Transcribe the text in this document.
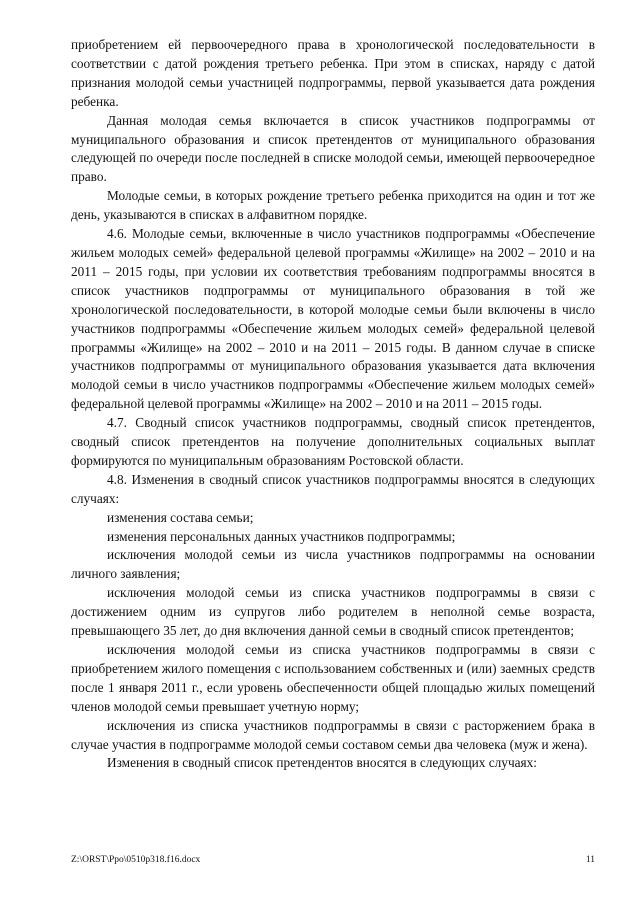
приобретением ей первоочередного права в хронологической последовательности в соответствии с датой рождения третьего ребенка. При этом в списках, наряду с датой признания молодой семьи участницей подпрограммы, первой указывается дата рождения ребенка.

Данная молодая семья включается в список участников подпрограммы от муниципального образования и список претендентов от муниципального образования следующей по очереди после последней в списке молодой семьи, имеющей первоочередное право.

Молодые семьи, в которых рождение третьего ребенка приходится на один и тот же день, указываются в списках в алфавитном порядке.

4.6. Молодые семьи, включенные в число участников подпрограммы «Обеспечение жильем молодых семей» федеральной целевой программы «Жилище» на 2002 – 2010 и на 2011 – 2015 годы, при условии их соответствия требованиям подпрограммы вносятся в список участников подпрограммы от муниципального образования в той же хронологической последовательности, в которой молодые семьи были включены в число участников подпрограммы «Обеспечение жильем молодых семей» федеральной целевой программы «Жилище» на 2002 – 2010 и на 2011 – 2015 годы. В данном случае в списке участников подпрограммы от муниципального образования указывается дата включения молодой семьи в число участников подпрограммы «Обеспечение жильем молодых семей» федеральной целевой программы «Жилище» на 2002 – 2010 и на 2011 – 2015 годы.

4.7. Сводный список участников подпрограммы, сводный список претендентов, сводный список претендентов на получение дополнительных социальных выплат формируются по муниципальным образованиям Ростовской области.

4.8. Изменения в сводный список участников подпрограммы вносятся в следующих случаях:

изменения состава семьи;

изменения персональных данных участников подпрограммы;

исключения молодой семьи из числа участников подпрограммы на основании личного заявления;

исключения молодой семьи из списка участников подпрограммы в связи с достижением одним из супругов либо родителем в неполной семье возраста, превышающего 35 лет, до дня включения данной семьи в сводный список претендентов;

исключения молодой семьи из списка участников подпрограммы в связи с приобретением жилого помещения с использованием собственных и (или) заемных средств после 1 января 2011 г., если уровень обеспеченности общей площадью жилых помещений членов молодой семьи превышает учетную норму;

исключения из списка участников подпрограммы в связи с расторжением брака в случае участия в подпрограмме молодой семьи составом семьи два человека (муж и жена).

Изменения в сводный список претендентов вносятся в следующих случаях:

Z:\ORST\Ppo\0510p318.f16.docx	11
